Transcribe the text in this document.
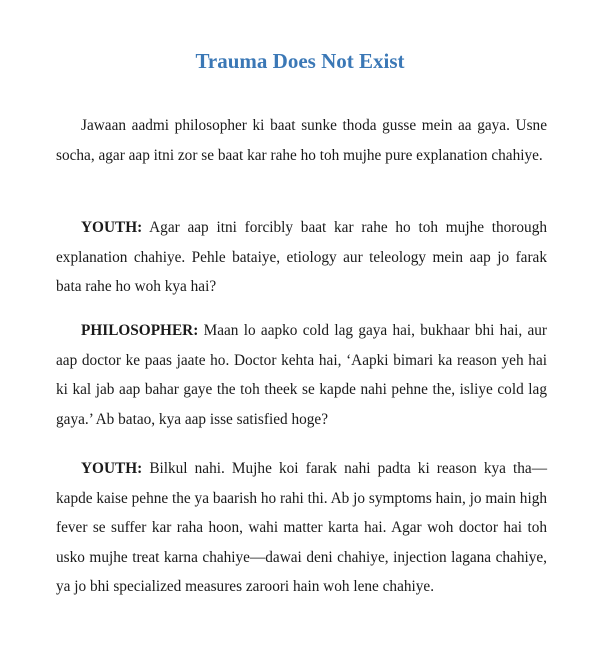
Trauma Does Not Exist

Jawaan aadmi philosopher ki baat sunke thoda gusse mein aa gaya. Usne socha, agar aap itni zor se baat kar rahe ho toh mujhe pure explanation chahiye.

YOUTH: Agar aap itni forcibly baat kar rahe ho toh mujhe thorough explanation chahiye. Pehle bataiye, etiology aur teleology mein aap jo farak bata rahe ho woh kya hai?

PHILOSOPHER: Maan lo aapko cold lag gaya hai, bukhaar bhi hai, aur aap doctor ke paas jaate ho. Doctor kehta hai, ‘Aapki bimari ka reason yeh hai ki kal jab aap bahar gaye the toh theek se kapde nahi pehne the, isliye cold lag gaya.’ Ab batao, kya aap isse satisfied hoge?

YOUTH: Bilkul nahi. Mujhe koi farak nahi padta ki reason kya tha—kapde kaise pehne the ya baarish ho rahi thi. Ab jo symptoms hain, jo main high fever se suffer kar raha hoon, wahi matter karta hai. Agar woh doctor hai toh usko mujhe treat karna chahiye—dawai deni chahiye, injection lagana chahiye, ya jo bhi specialized measures zaroori hain woh lene chahiye.
